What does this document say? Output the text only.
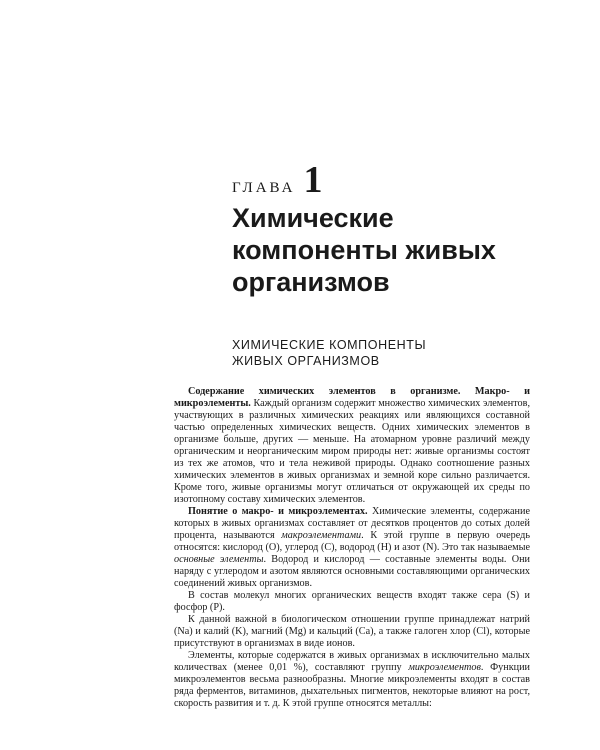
ГЛАВА 1
Химические
компоненты живых
организмов
ХИМИЧЕСКИЕ КОМПОНЕНТЫ
ЖИВЫХ ОРГАНИЗМОВ

Содержание химических элементов в организме. Макро- и микроэлементы. Каждый организм содержит множество химических элементов, участвующих в различных химических реакциях или являющихся составной частью определенных химических веществ. Одних химических элементов в организме больше, других — меньше. На атомарном уровне различий между органическим и неорганическим миром природы нет: живые организмы состоят из тех же атомов, что и тела неживой природы. Однако соотношение разных химических элементов в живых организмах и земной коре сильно различается. Кроме того, живые организмы могут отличаться от окружающей их среды по изотопному составу химических элементов.

Понятие о макро- и микроэлементах. Химические элементы, содержание которых в живых организмах составляет от десятков процентов до сотых долей процента, называются макроэлементами. К этой группе в первую очередь относятся: кислород (O), углерод (C), водород (H) и азот (N). Это так называемые основные элементы. Водород и кислород — составные элементы воды. Они наряду с углеродом и азотом являются основными составляющими органических соединений живых организмов.

В состав молекул многих органических веществ входят также сера (S) и фосфор (P).

К данной важной в биологическом отношении группе принадлежат натрий (Na) и калий (K), магний (Mg) и кальций (Ca), а также галоген хлор (Cl), которые присутствуют в организмах в виде ионов.

Элементы, которые содержатся в живых организмах в исключительно малых количествах (менее 0,01 %), составляют группу микроэлементов. Функции микроэлементов весьма разнообразны. Многие микроэлементы входят в состав ряда ферментов, витаминов, дыхательных пигментов, некоторые влияют на рост, скорость развития и т. д. К этой группе относятся металлы:
